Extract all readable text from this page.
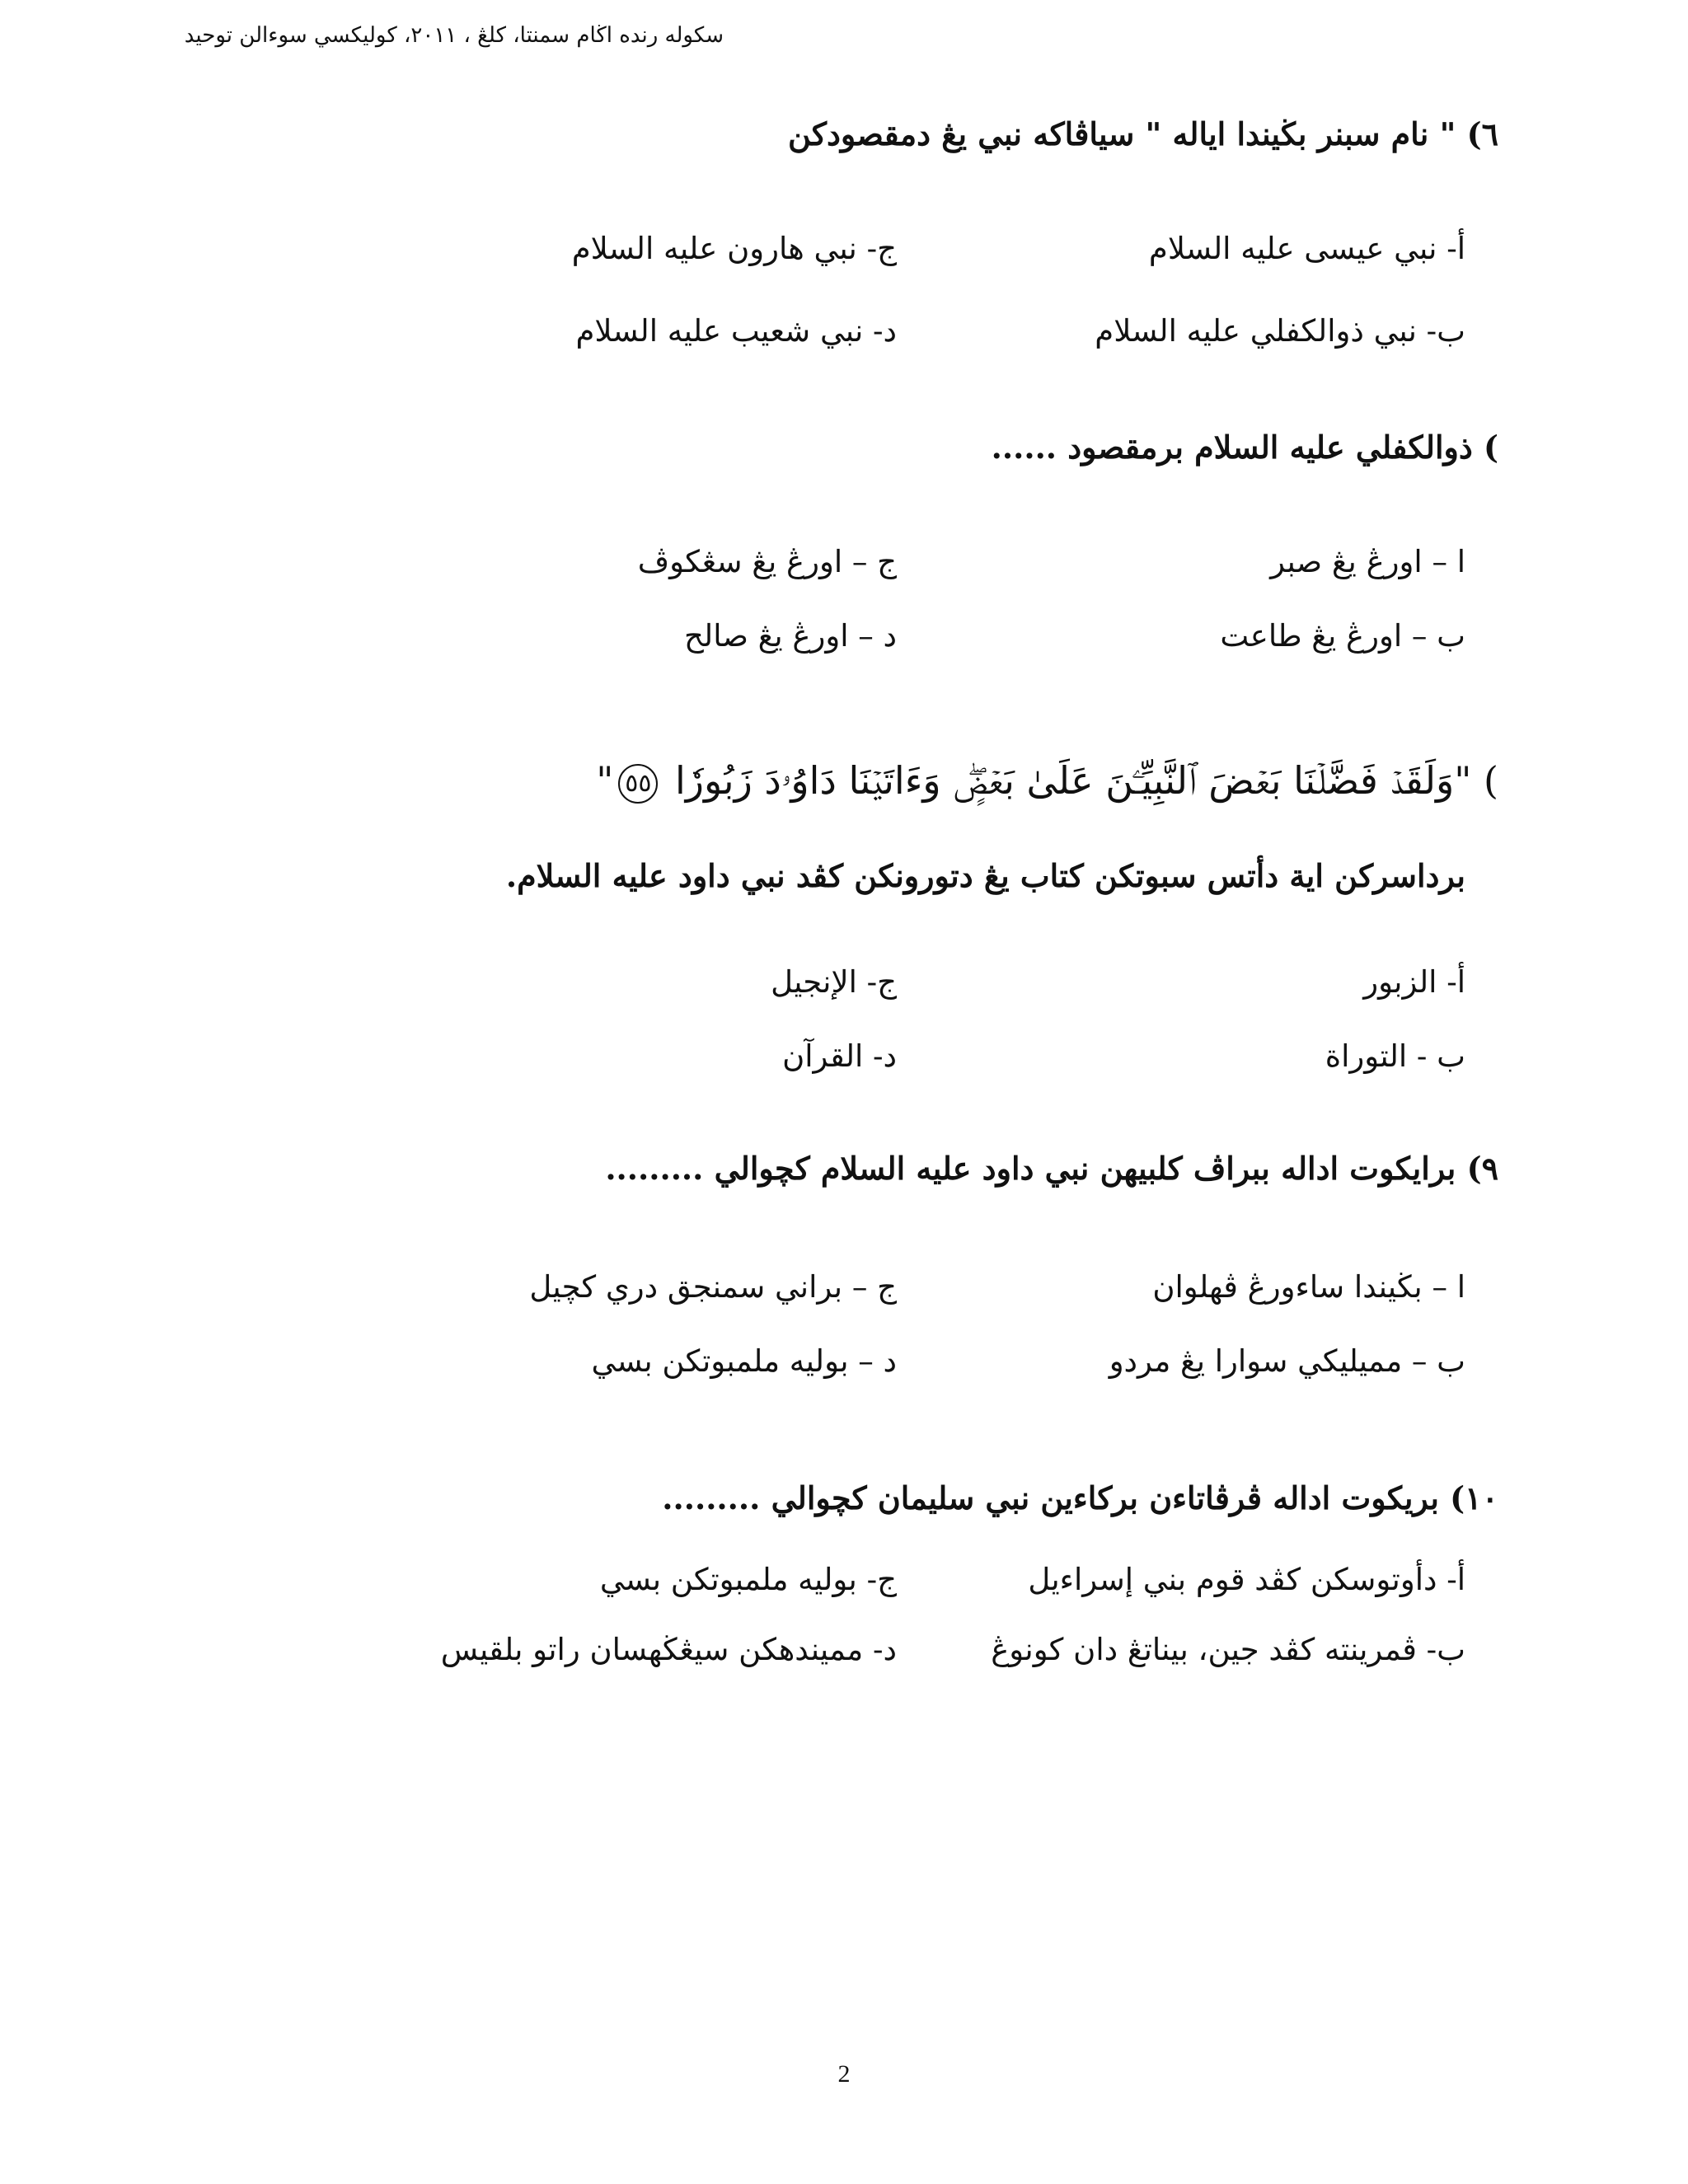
سكوله رنده اڬام سمنتا، كلڠ ، ٢٠١١، كوليكسي سوءالن توحيد
٦) " نام سبنر بڬيندا اياله " سياڤاكه نبي يڠ دمقصودكن
أ- نبي عيسى عليه السلام
ج- نبي هارون عليه السلام
ب- نبي ذوالكفلي عليه السلام
د- نبي شعيب عليه السلام
) ذوالكفلي عليه السلام برمقصود ......
ا – اورڠ يڠ صبر
ج – اورڠ يڠ سڠكوڤ
ب – اورڠ يڠ طاعت
د – اورڠ يڠ صالح
) "وَلَقَدۡ فَضَّلۡنَا بَعۡضَ ٱلنَّبِيِّـۧنَ عَلَىٰ بَعۡضٍۖ وَءَاتَيۡنَا دَاوُۥدَ زَبُورٗا ٥٥"
برداسركن اية دأتس سبوتكن كتاب يڠ دتورونكن كڤد نبي داود عليه السلام.
أ- الزبور
ج- الإنجيل
ب - التوراة
د- القرآن
٩) برايكوت اداله ببراڤ كلبيهن نبي داود عليه السلام كچوالي .........
ا – بڬيندا ساءورڠ ڤهلوان
ج – براني سمنجق دري كچيل
ب – مميليكي سوارا يڠ مردو
د – بوليه ملمبوتكن بسي
١٠) بريكوت اداله ڤرڤاتاءن بركاءين نبي سليمان كچوالي .........
أ- دأوتوسكن كڤد قوم بني إسراءيل
ج- بوليه ملمبوتكن بسي
ب- ڤمرينته كڤد جين، بيناتڠ دان كونوڠ
د- مميندهكن سيڠڬهسان راتو بلقيس
2
